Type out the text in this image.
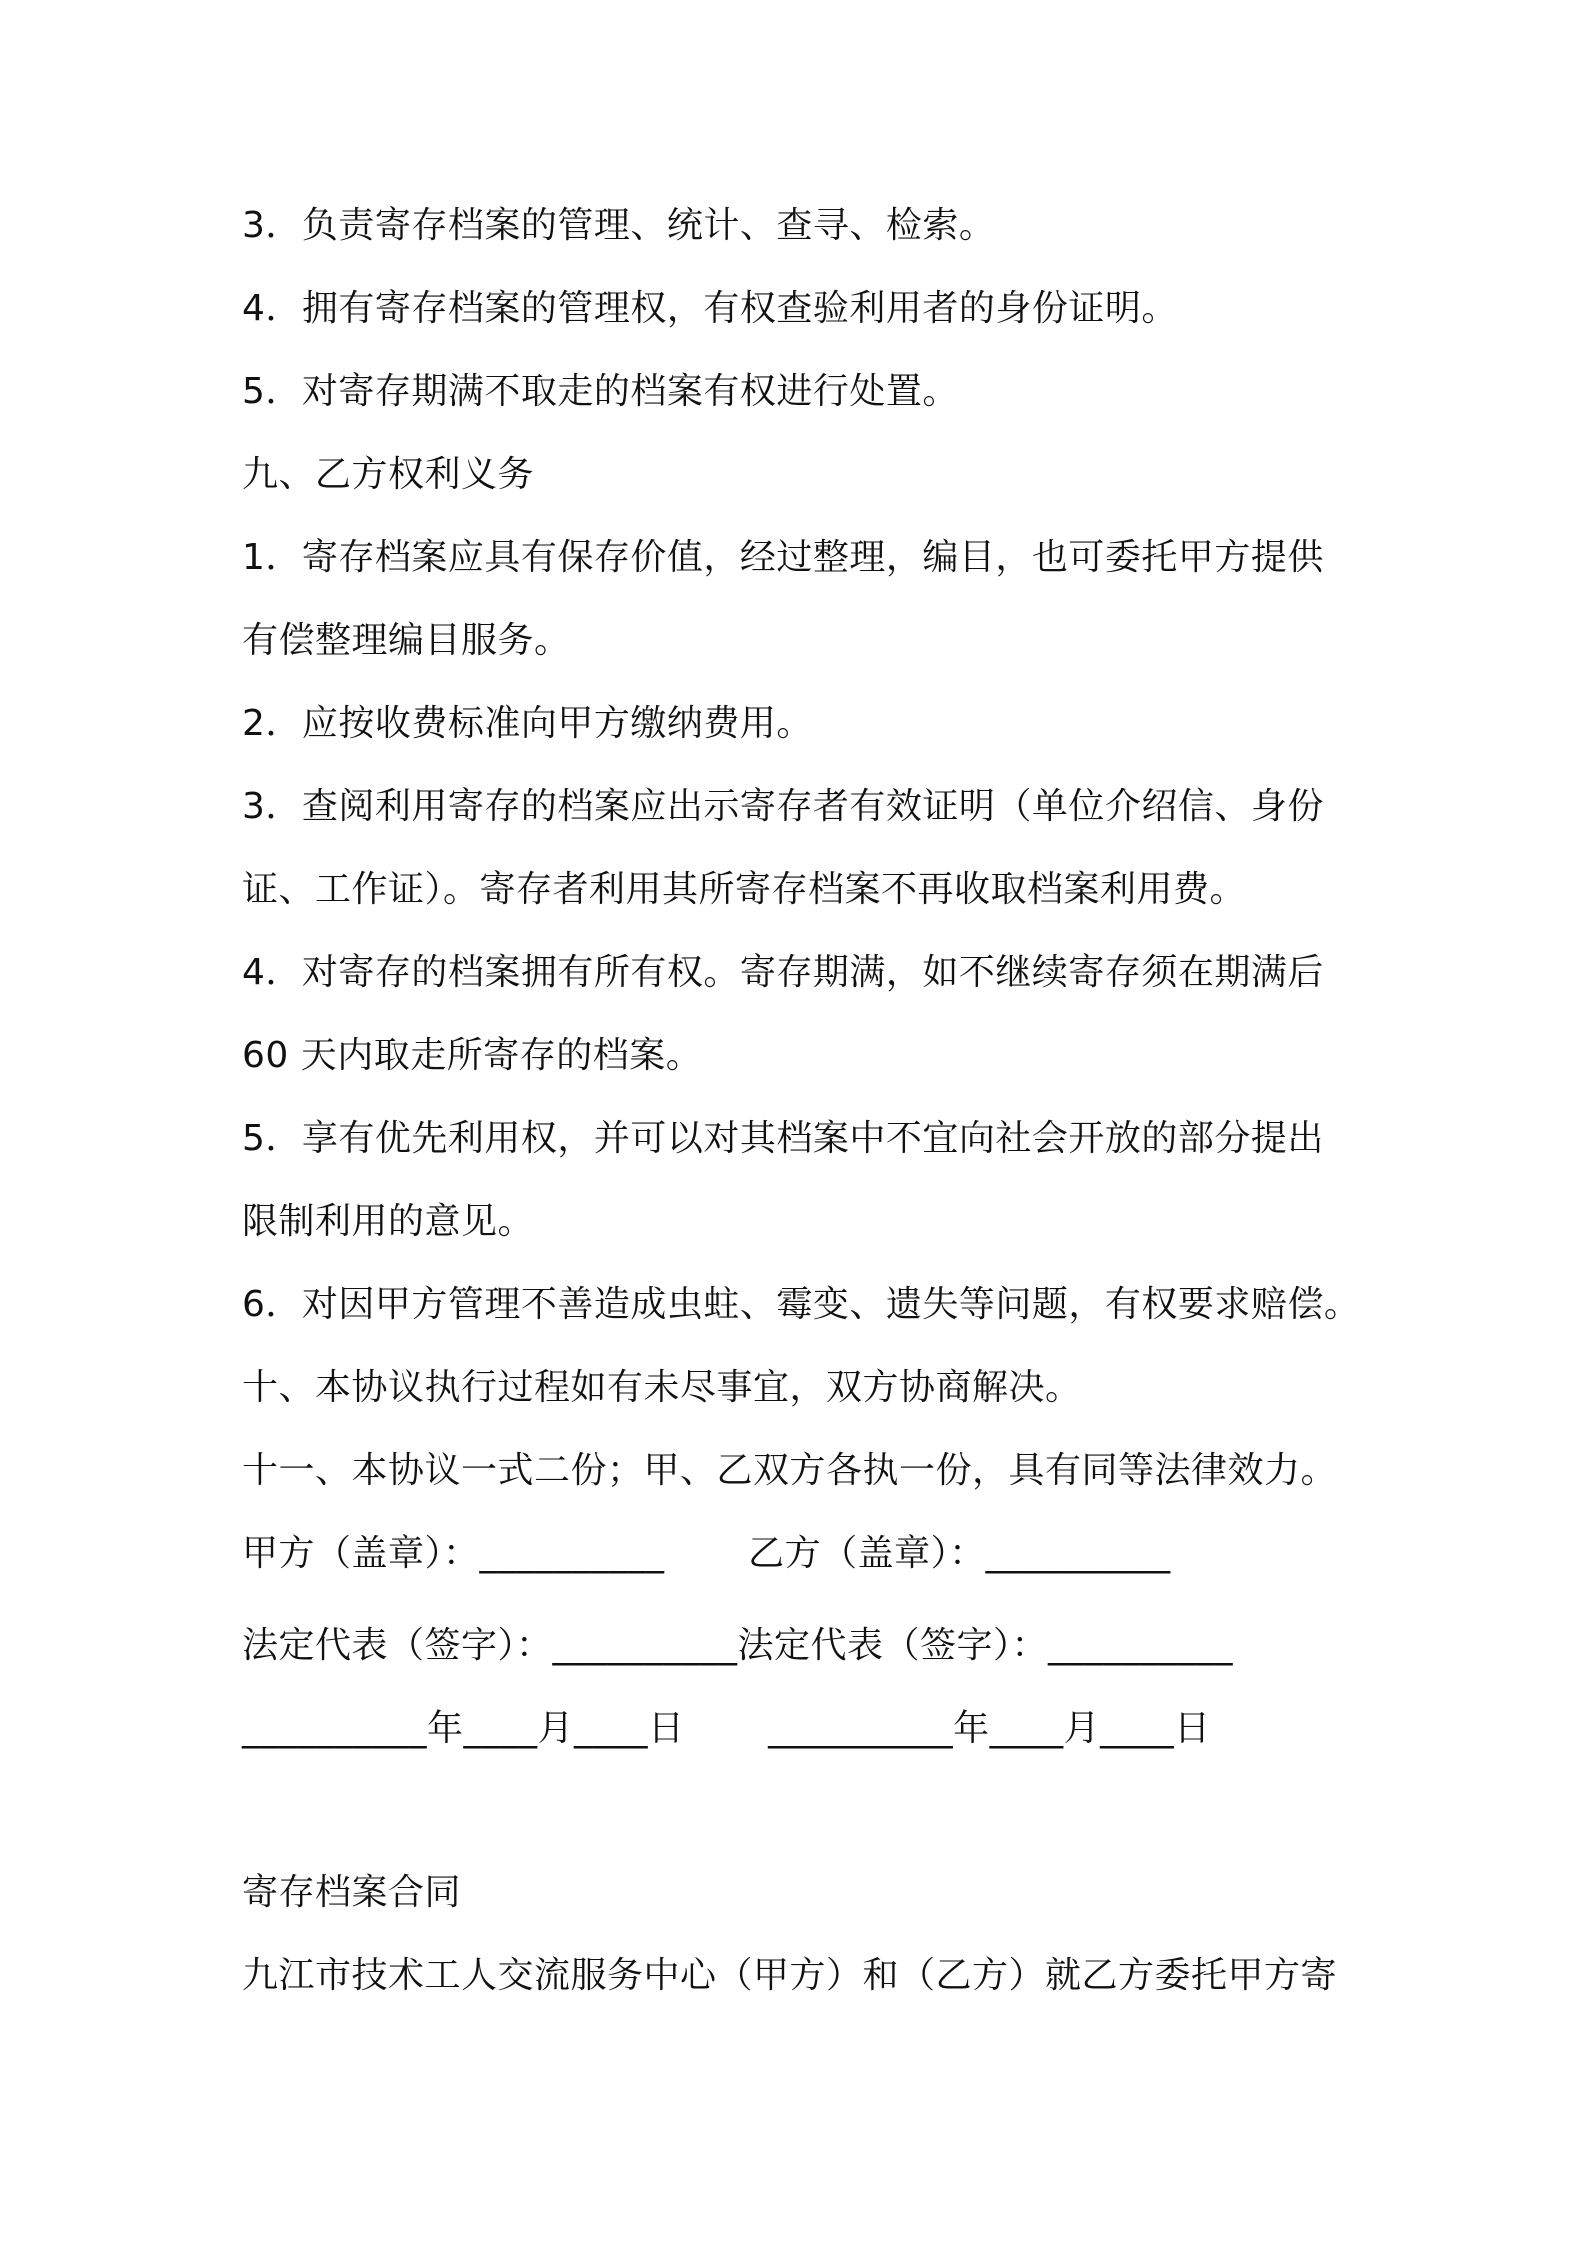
3．负责寄存档案的管理、统计、查寻、检索。
4．拥有寄存档案的管理权，有权查验利用者的身份证明。
5．对寄存期满不取走的档案有权进行处置。
九、乙方权利义务
1．寄存档案应具有保存价值，经过整理，编目，也可委托甲方提供
有偿整理编目服务。
2．应按收费标准向甲方缴纳费用。
3．查阅利用寄存的档案应出示寄存者有效证明（单位介绍信、身份
证、工作证）。寄存者利用其所寄存档案不再收取档案利用费。
4．对寄存的档案拥有所有权。寄存期满，如不继续寄存须在期满后
60 天内取走所寄存的档案。
5．享有优先利用权，并可以对其档案中不宜向社会开放的部分提出
限制利用的意见。
6．对因甲方管理不善造成虫蛀、霉变、遗失等问题，有权要求赔偿。
十、本协议执行过程如有未尽事宜，双方协商解决。
十一、本协议一式二份；甲、乙双方各执一份，具有同等法律效力。
甲方（盖章）：__________       乙方（盖章）：__________
法定代表（签字）：__________法定代表（签字）：__________
__________年____月____日       __________年____月____日
寄存档案合同
九江市技术工人交流服务中心（甲方）和（乙方）就乙方委托甲方寄
